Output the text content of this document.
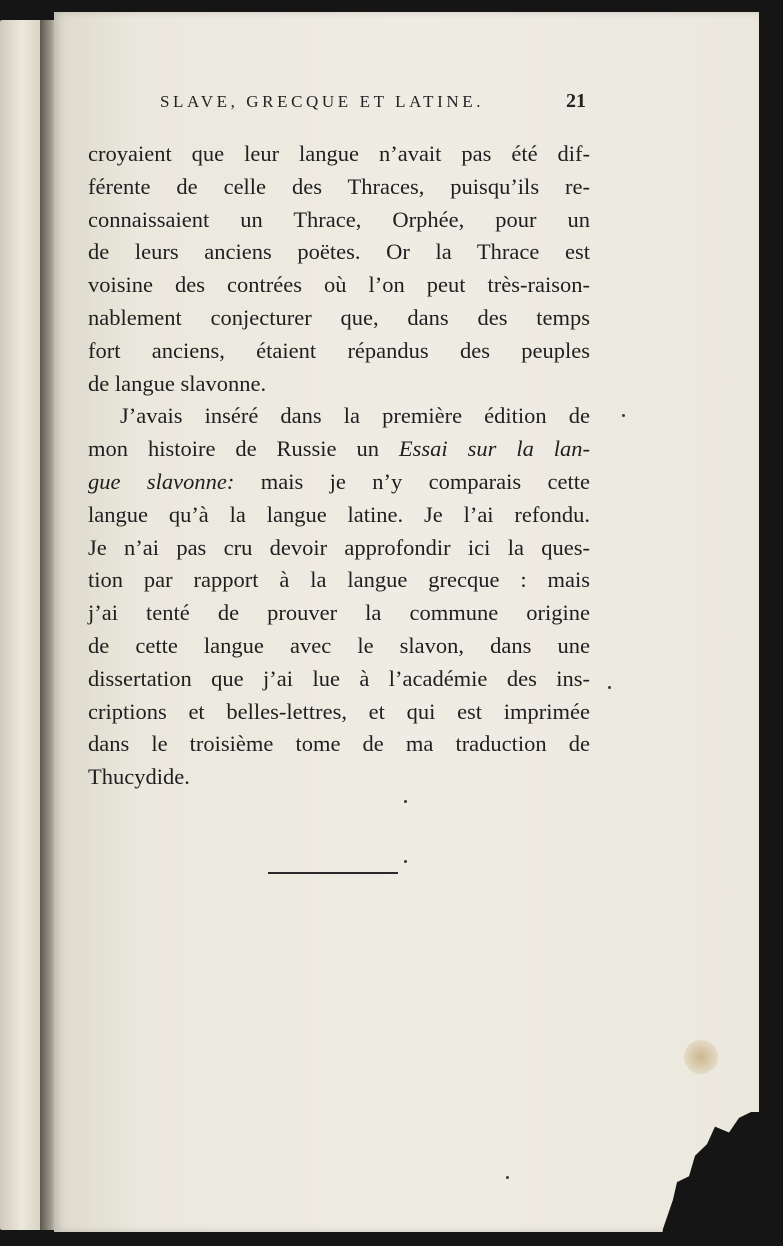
SLAVE, GRECQUE ET LATINE.	21
croyaient que leur langue n’avait pas été dif-
férente de celle des Thraces, puisqu’ils re-
connaissaient un Thrace, Orphée, pour un
de leurs anciens poëtes. Or la Thrace est
voisine des contrées où l’on peut très-raison-
nablement conjecturer que, dans des temps
fort anciens, étaient répandus des peuples
de langue slavonne.
J’avais inséré dans la première édition de
mon histoire de Russie un Essai sur la lan-
gue slavonne: mais je n’y comparais cette
langue qu’à la langue latine. Je l’ai refondu.
Je n’ai pas cru devoir approfondir ici la ques-
tion par rapport à la langue grecque : mais
j’ai tenté de prouver la commune origine
de cette langue avec le slavon, dans une
dissertation que j’ai lue à l’académie des ins-
criptions et belles-lettres, et qui est imprimée
dans le troisième tome de ma traduction de
Thucydide.
